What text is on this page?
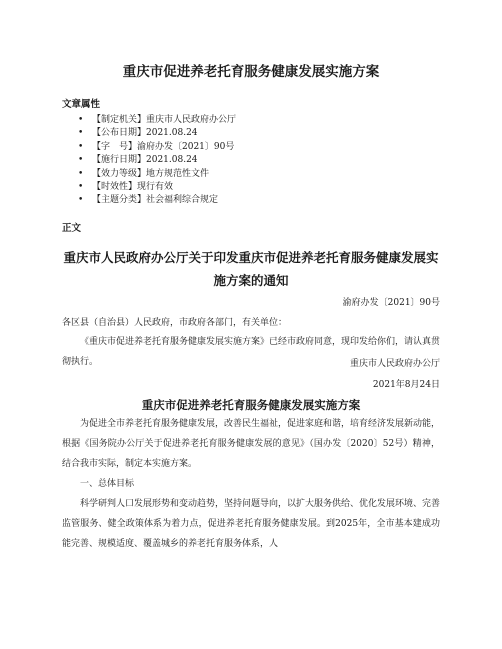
重庆市促进养老托育服务健康发展实施方案
文章属性
• 【制定机关】重庆市人民政府办公厅
• 【公布日期】2021.08.24
• 【字　号】渝府办发〔2021〕90号
• 【施行日期】2021.08.24
• 【效力等级】地方规范性文件
• 【时效性】现行有效
• 【主题分类】社会福利综合规定
正文
重庆市人民政府办公厅关于印发重庆市促进养老托育服务健康发展实施方案的通知
渝府办发〔2021〕90号
各区县（自治县）人民政府，市政府各部门，有关单位：
《重庆市促进养老托育服务健康发展实施方案》已经市政府同意，现印发给你们，请认真贯彻执行。	重庆市人民政府办公厅
2021年8月24日
重庆市促进养老托育服务健康发展实施方案
为促进全市养老托育服务健康发展，改善民生福祉，促进家庭和谐，培育经济发展新动能，根据《国务院办公厅关于促进养老托育服务健康发展的意见》（国办发〔2020〕52号）精神，结合我市实际，制定本实施方案。
一、总体目标
科学研判人口发展形势和变动趋势，坚持问题导向，以扩大服务供给、优化发展环境、完善监管服务、健全政策体系为着力点，促进养老托育服务健康发展。到2025年，全市基本建成功能完善、规模适度、覆盖城乡的养老托育服务体系，人
